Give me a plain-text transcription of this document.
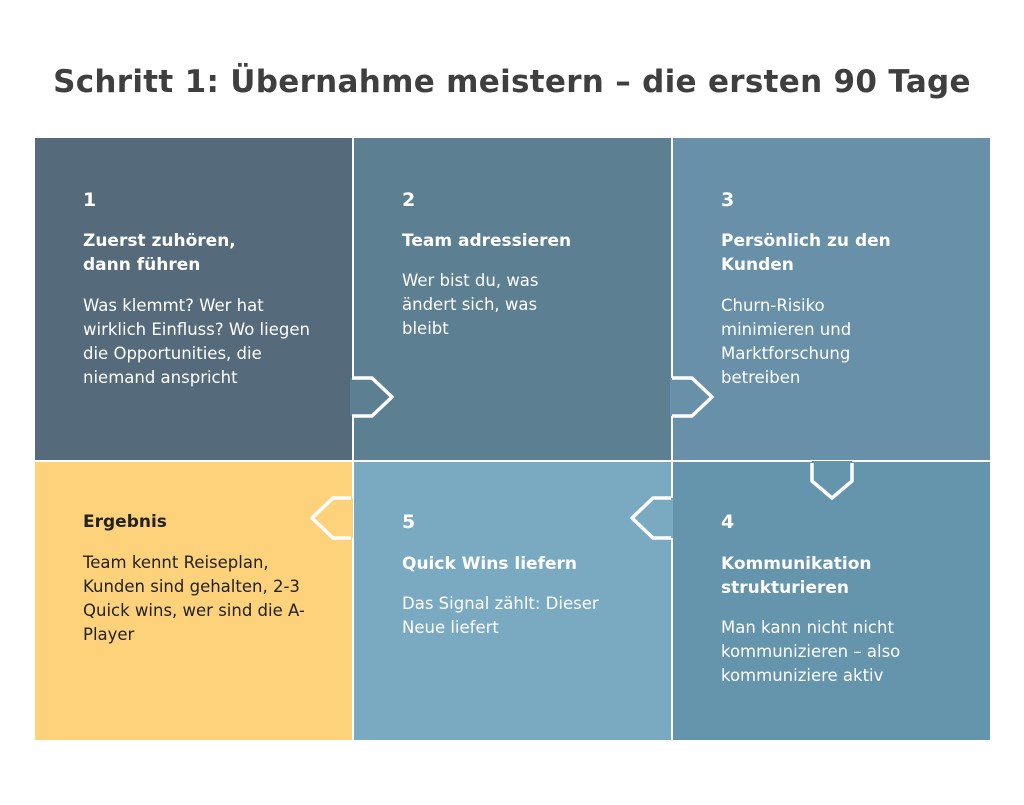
Schritt 1: Übernahme meistern – die ersten 90 Tage

1

Zuerst zuhören,
dann führen

Was klemmt? Wer hat wirklich Einfluss? Wo liegen die Opportunities, die niemand anspricht

2

Team adressieren

Wer bist du, was ändert sich, was bleibt

3

Persönlich zu den Kunden

Churn-Risiko minimieren und Marktforschung betreiben

Ergebnis

Team kennt Reiseplan, Kunden sind gehalten, 2-3 Quick wins, wer sind die A-Player

5

Quick Wins liefern

Das Signal zählt: Dieser Neue liefert

4

Kommunikation strukturieren

Man kann nicht nicht kommunizieren – also kommuniziere aktiv
